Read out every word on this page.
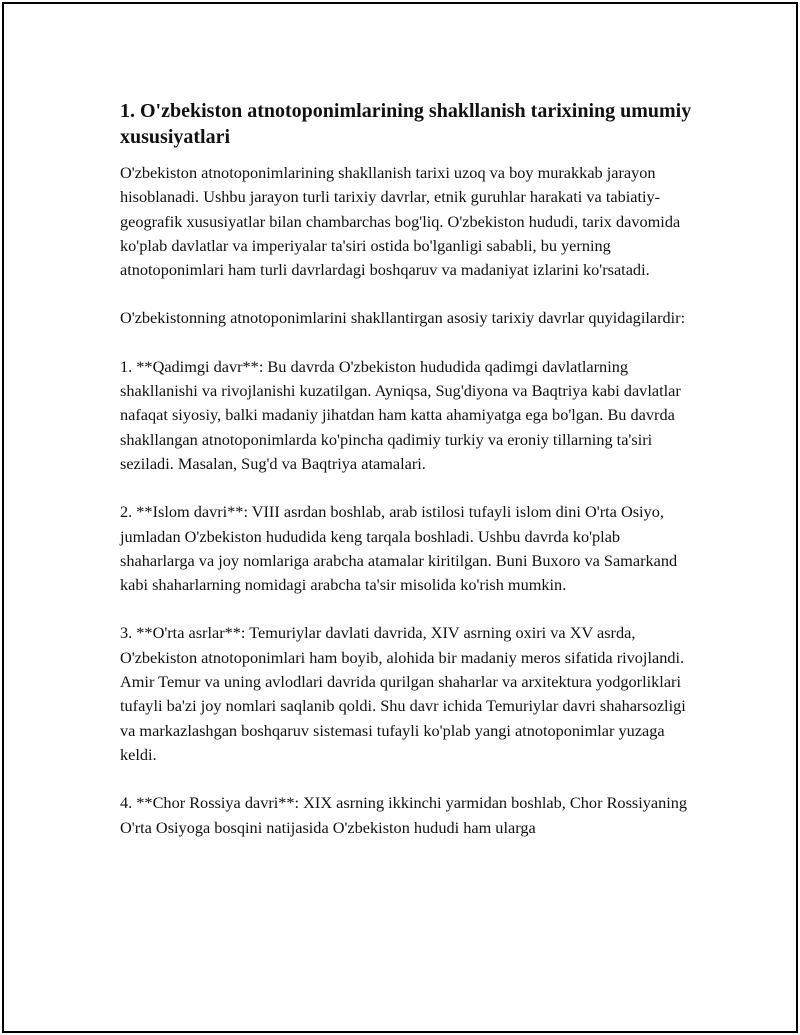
1. O'zbekiston atnotoponimlarining shakllanish tarixining umumiy xususiyatlari

O'zbekiston atnotoponimlarining shakllanish tarixi uzoq va boy murakkab jarayon hisoblanadi. Ushbu jarayon turli tarixiy davrlar, etnik guruhlar harakati va tabiatiy-geografik xususiyatlar bilan chambarchas bog'liq. O'zbekiston hududi, tarix davomida ko'plab davlatlar va imperiyalar ta'siri ostida bo'lganligi sababli, bu yerning atnotoponimlari ham turli davrlardagi boshqaruv va madaniyat izlarini ko'rsatadi.

O'zbekistonning atnotoponimlarini shakllantirgan asosiy tarixiy davrlar quyidagilardir:

1. **Qadimgi davr**: Bu davrda O'zbekiston hududida qadimgi davlatlarning shakllanishi va rivojlanishi kuzatilgan. Ayniqsa, Sug'diyona va Baqtriya kabi davlatlar nafaqat siyosiy, balki madaniy jihatdan ham katta ahamiyatga ega bo'lgan. Bu davrda shakllangan atnotoponimlarda ko'pincha qadimiy turkiy va eroniy tillarning ta'siri seziladi. Masalan, Sug'd va Baqtriya atamalari.

2. **Islom davri**: VIII asrdan boshlab, arab istilosi tufayli islom dini O'rta Osiyo, jumladan O'zbekiston hududida keng tarqala boshladi. Ushbu davrda ko'plab shaharlarga va joy nomlariga arabcha atamalar kiritilgan. Buni Buxoro va Samarkand kabi shaharlarning nomidagi arabcha ta'sir misolida ko'rish mumkin.

3. **O'rta asrlar**: Temuriylar davlati davrida, XIV asrning oxiri va XV asrda, O'zbekiston atnotoponimlari ham boyib, alohida bir madaniy meros sifatida rivojlandi. Amir Temur va uning avlodlari davrida qurilgan shaharlar va arxitektura yodgorliklari tufayli ba'zi joy nomlari saqlanib qoldi. Shu davr ichida Temuriylar davri shaharsozligi va markazlashgan boshqaruv sistemasi tufayli ko'plab yangi atnotoponimlar yuzaga keldi.

4. **Chor Rossiya davri**: XIX asrning ikkinchi yarmidan boshlab, Chor Rossiyaning O'rta Osiyoga bosqini natijasida O'zbekiston hududi ham ularga
